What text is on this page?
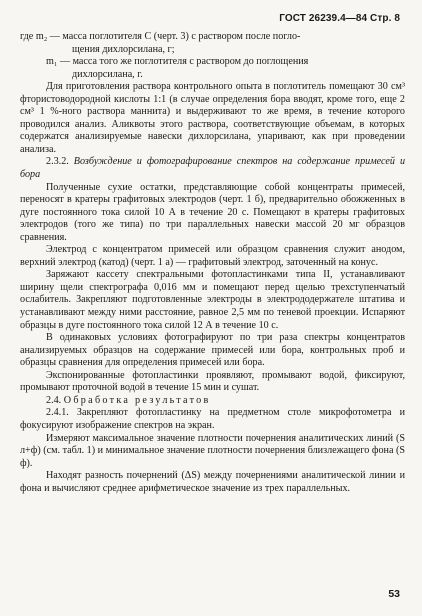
ГОСТ 26239.4—84 Стр. 8

где m₂ — масса поглотителя C (черт. 3) с раствором после погло-

щения дихлорсилана, г;

m₁ — масса того же поглотителя с раствором до поглощения

дихлорсилана, г.

Для приготовления раствора контрольного опыта в поглотитель помещают 30 см³ фтористоводородной кислоты 1:1 (в случае определения бора вводят, кроме того, еще 2 см³ 1 %-ного раствора маннита) и выдерживают то же время, в течение которого проводился анализ. Аликвоты этого раствора, соответствующие объемам, в которых содержатся анализируемые навески дихлорсилана, упаривают, как при проведении анализа.

2.3.2. Возбуждение и фотографирование спектров на содержание примесей и бора

Полученные сухие остатки, представляющие собой концентраты примесей, переносят в кратеры графитовых электродов (черт. 1 б), предварительно обожженных в дуге постоянного тока силой 10 А в течение 20 с. Помещают в кратеры графитовых электродов (того же типа) по три параллельных навески массой 20 мг образцов сравнения.

Электрод с концентратом примесей или образцом сравнения служит анодом, верхний электрод (катод) (черт. 1 а) — графитовый электрод, заточенный на конус.

Заряжают кассету спектральными фотопластинками типа II, устанавливают ширину щели спектрографа 0,016 мм и помещают перед щелью трехступенчатый ослабитель. Закрепляют подготовленные электроды в электрододержателе штатива и устанавливают между ними расстояние, равное 2,5 мм по теневой проекции. Испаряют образцы в дуге постоянного тока силой 12 А в течение 10 с.

В одинаковых условиях фотографируют по три раза спектры концентратов анализируемых образцов на содержание примесей или бора, контрольных проб и образцы сравнения для определения примесей или бора.

Экспонированные фотопластинки проявляют, промывают водой, фиксируют, промывают проточной водой в течение 15 мин и сушат.

2.4. Обработка результатов

2.4.1. Закрепляют фотопластинку на предметном столе микрофотометра и фокусируют изображение спектров на экран.

Измеряют максимальное значение плотности почернения аналитических линий (S л+ф) (см. табл. 1) и минимальное значение плотности почернения близлежащего фона (S ф).

Находят разность почернений (ΔS) между почернениями аналитической линии и фона и вычисляют среднее арифметическое значение из трех параллельных.

53
